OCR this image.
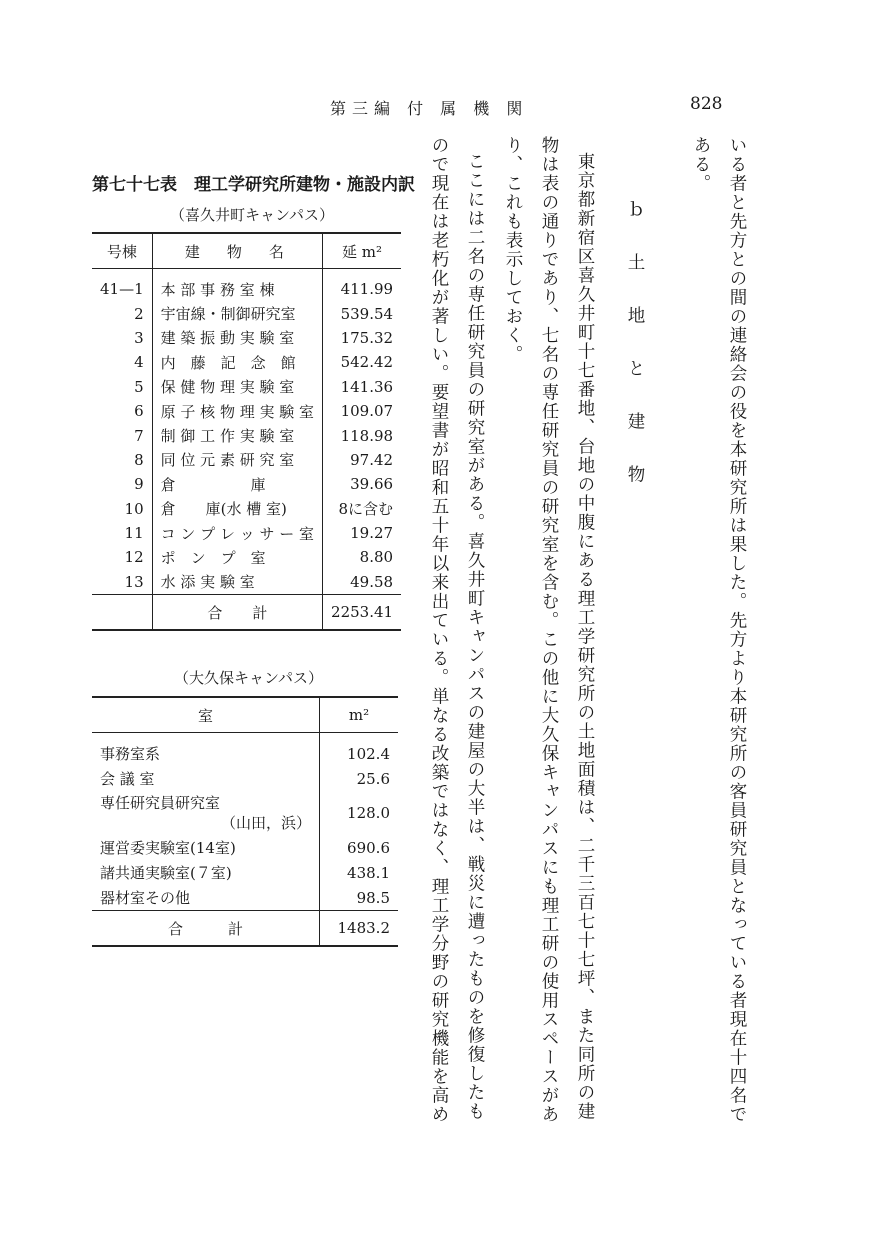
第三編 付 属 機 関	828
いる者と先方との間の連絡会の役を本研究所は果した。先方より本研究所の客員研究員となっている者現在十四名で
ある。
ｂ　土　地　と　建　物
東京都新宿区喜久井町十七番地、台地の中腹にある理工学研究所の土地面積は、二千三百七十七坪、また同所の建
物は表の通りであり、七名の専任研究員の研究室を含む。この他に大久保キャンパスにも理工研の使用スペースがあ
り、これも表示しておく。
ここには二名の専任研究員の研究室がある。喜久井町キャンパスの建屋の大半は、戦災に遭ったものを修復したも
ので現在は老朽化が著しい。要望書が昭和五十年以来出ている。単なる改築ではなく、理工学分野の研究機能を高め
第七十七表　理工学研究所建物・施設内訳
（喜久井町キャンパス）
号棟	建　物　名	延 m²
41—1	本 部 事 務 室 棟	411.99
2	宇宙線・制御研究室	539.54
3	建 築 振 動 実 験 室	175.32
4	内　藤　記　念　館	542.42
5	保 健 物 理 実 験 室	141.36
6	原 子 核 物 理 実 験 室	109.07
7	制 御 工 作 実 験 室	118.98
8	同 位 元 素 研 究 室	97.42
9	倉　　　　　庫	39.66
10	倉　　庫(水 槽 室)	8に含む
11	コ ン プ レ ッ サ ー 室	19.27
12	ポ　ン　プ　室	8.80
13	水 添 実 験 室	49.58
	合　　計	2253.41
（大久保キャンパス）
室	m²
事務室系	102.4
会 議 室	25.6

専任研究員研究室
（山田，浜）	128.0
運営委実験室(14室)	690.6
諸共通実験室(７室)	438.1
器材室その他	98.5
合　　　計	1483.2
